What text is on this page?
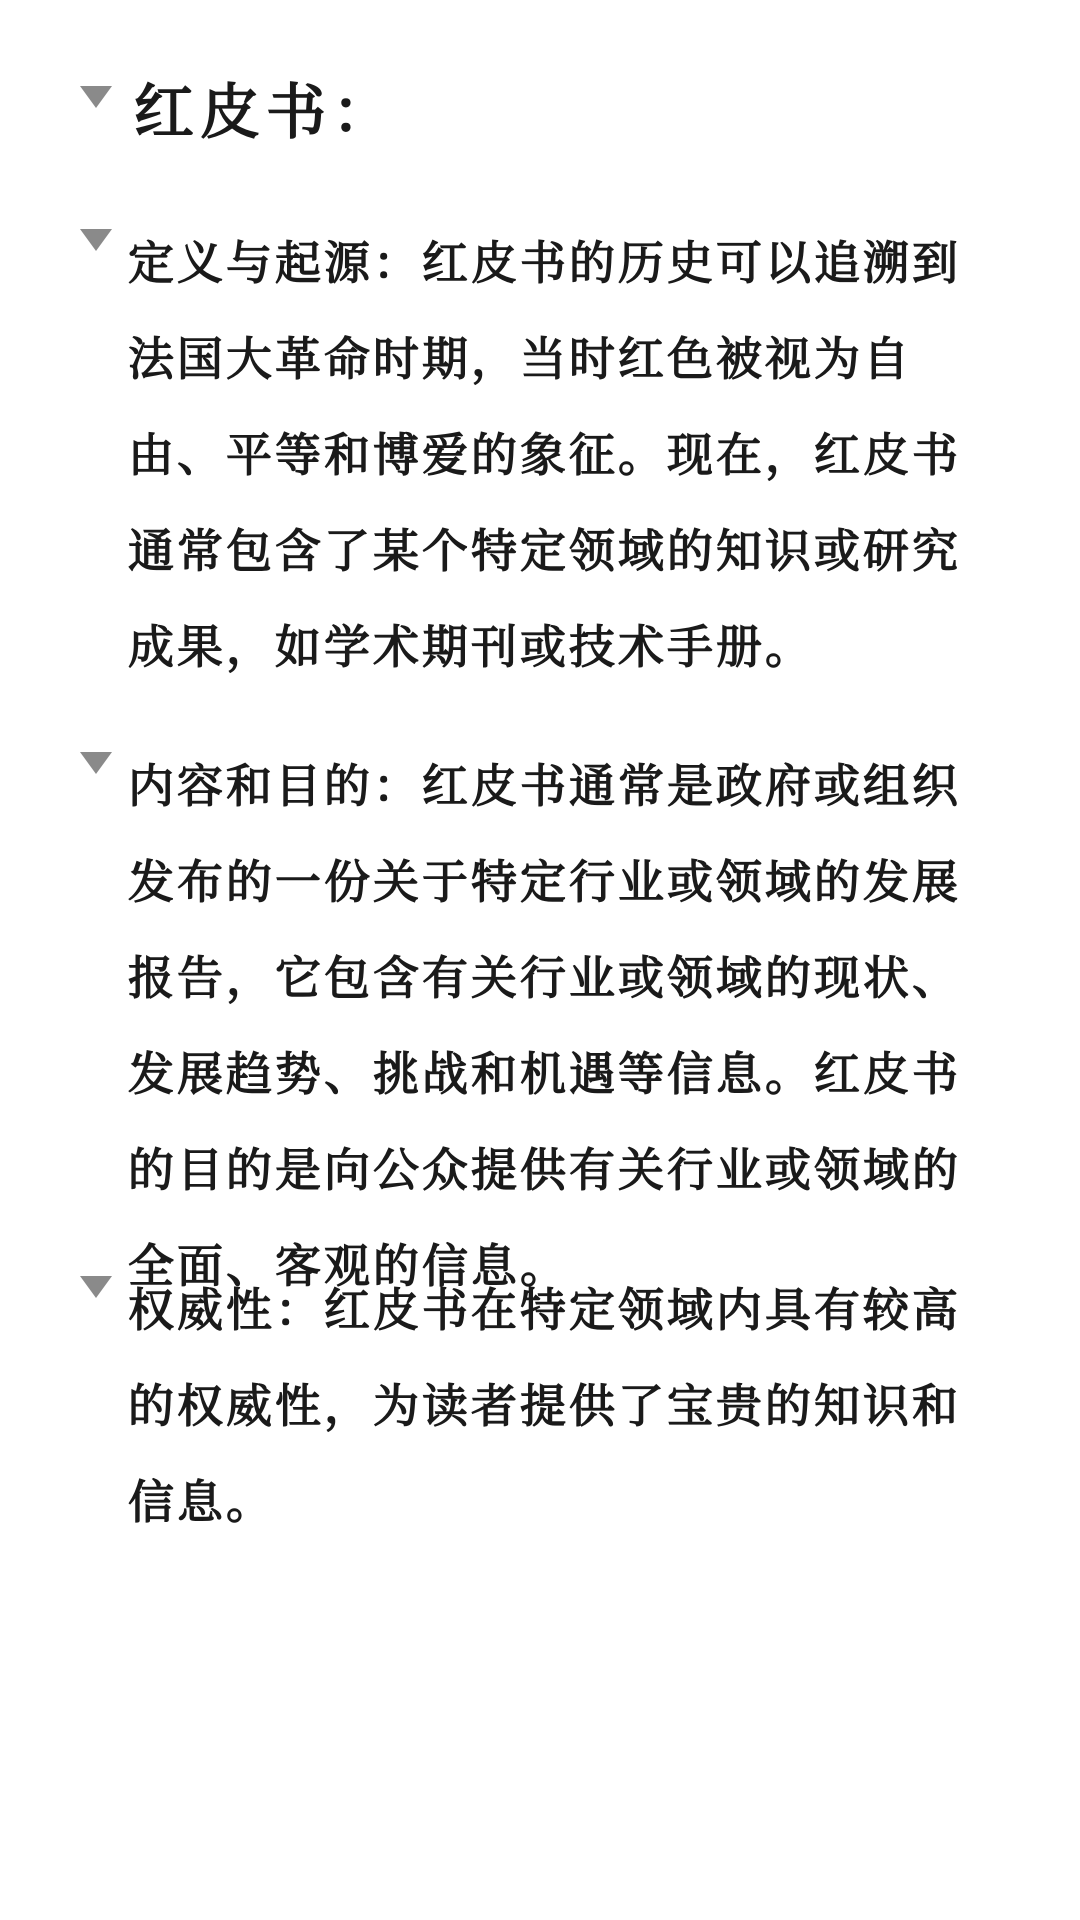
红皮书：
定义与起源：红皮书的历史可以追溯到法国大革命时期，当时红色被视为自由、平等和博爱的象征。现在，红皮书通常包含了某个特定领域的知识或研究成果，如学术期刊或技术手册。
内容和目的：红皮书通常是政府或组织发布的一份关于特定行业或领域的发展报告，它包含有关行业或领域的现状、发展趋势、挑战和机遇等信息。红皮书的目的是向公众提供有关行业或领域的全面、客观的信息。
权威性：红皮书在特定领域内具有较高的权威性，为读者提供了宝贵的知识和信息。
